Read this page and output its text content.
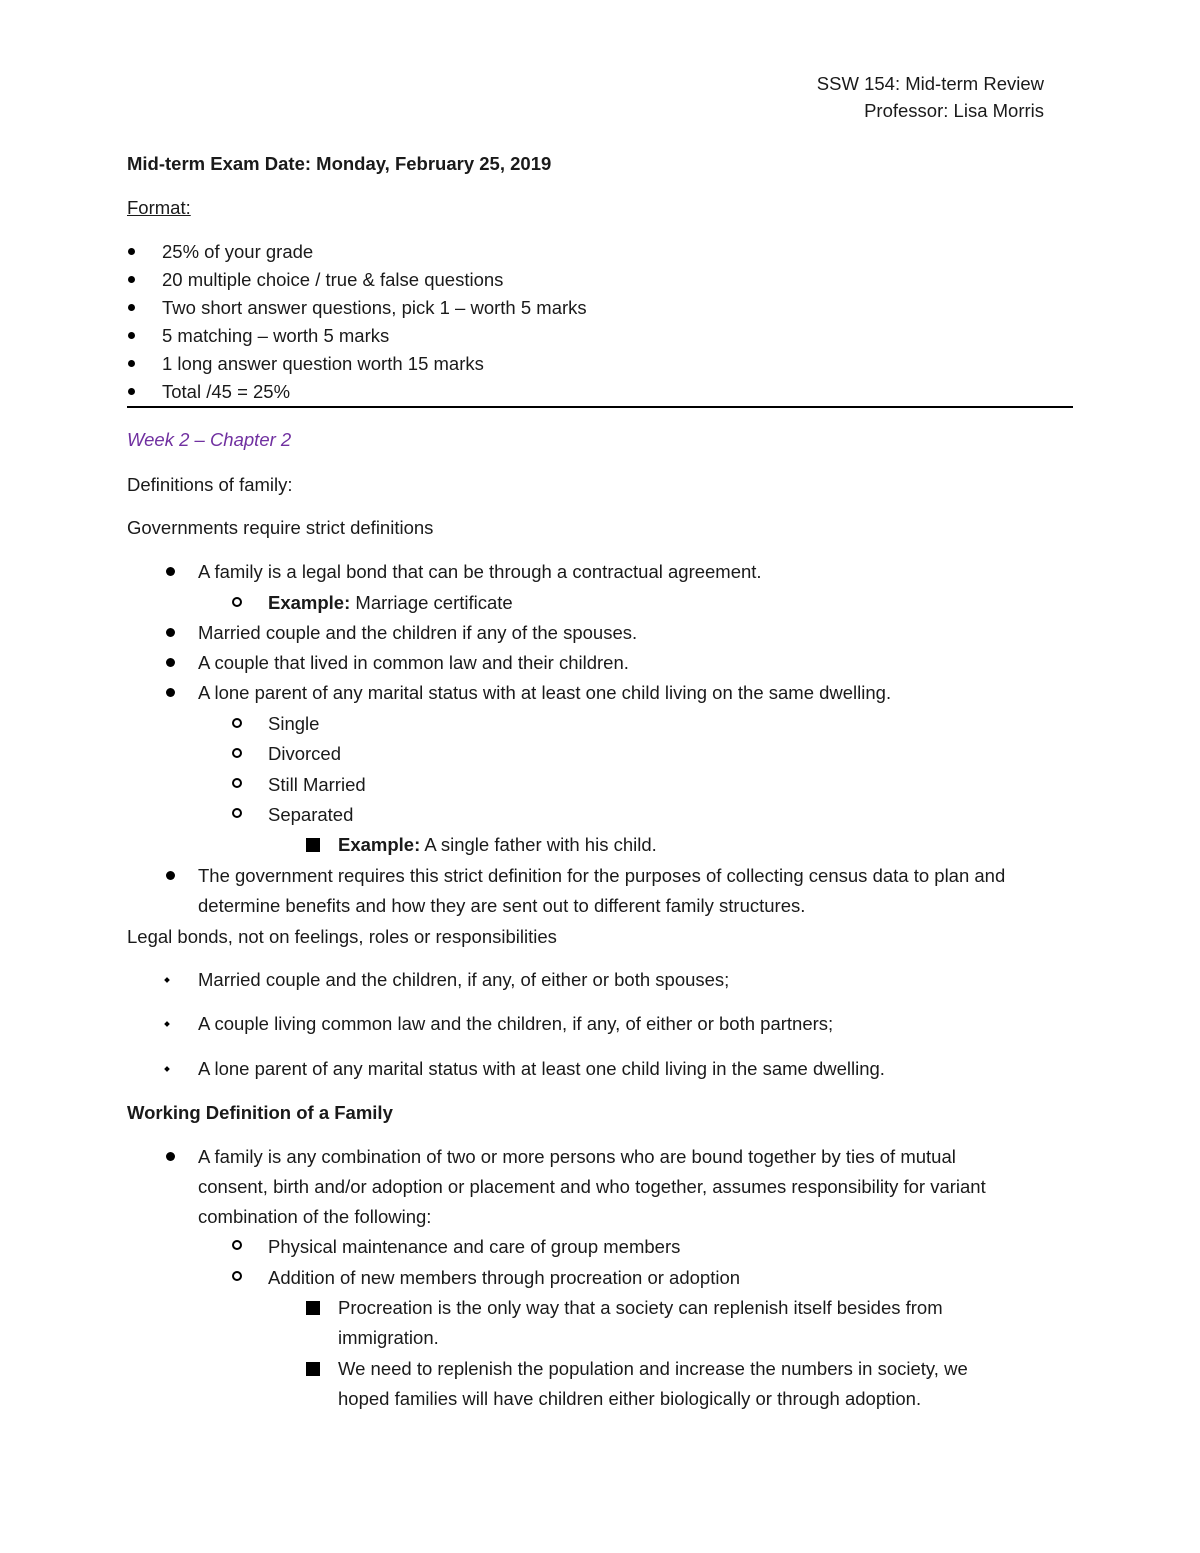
SSW 154: Mid-term Review
Professor: Lisa Morris
Mid-term Exam Date: Monday, February 25, 2019
Format:
25% of your grade
20 multiple choice / true & false questions
Two short answer questions, pick 1 – worth 5 marks
5 matching – worth 5 marks
1 long answer question worth 15 marks
Total /45 = 25%
Week 2 – Chapter 2
Definitions of family:
Governments require strict definitions
A family is a legal bond that can be through a contractual agreement.
Example: Marriage certificate
Married couple and the children if any of the spouses.
A couple that lived in common law and their children.
A lone parent of any marital status with at least one child living on the same dwelling.
Single
Divorced
Still Married
Separated
Example: A single father with his child.
The government requires this strict definition for the purposes of collecting census data to plan and
determine benefits and how they are sent out to different family structures.
Legal bonds, not on feelings, roles or responsibilities
Married couple and the children, if any, of either or both spouses;
A couple living common law and the children, if any, of either or both partners;
A lone parent of any marital status with at least one child living in the same dwelling.
Working Definition of a Family
A family is any combination of two or more persons who are bound together by ties of mutual
consent, birth and/or adoption or placement and who together, assumes responsibility for variant
combination of the following:
Physical maintenance and care of group members
Addition of new members through procreation or adoption
Procreation is the only way that a society can replenish itself besides from
immigration.
We need to replenish the population and increase the numbers in society, we
hoped families will have children either biologically or through adoption.
